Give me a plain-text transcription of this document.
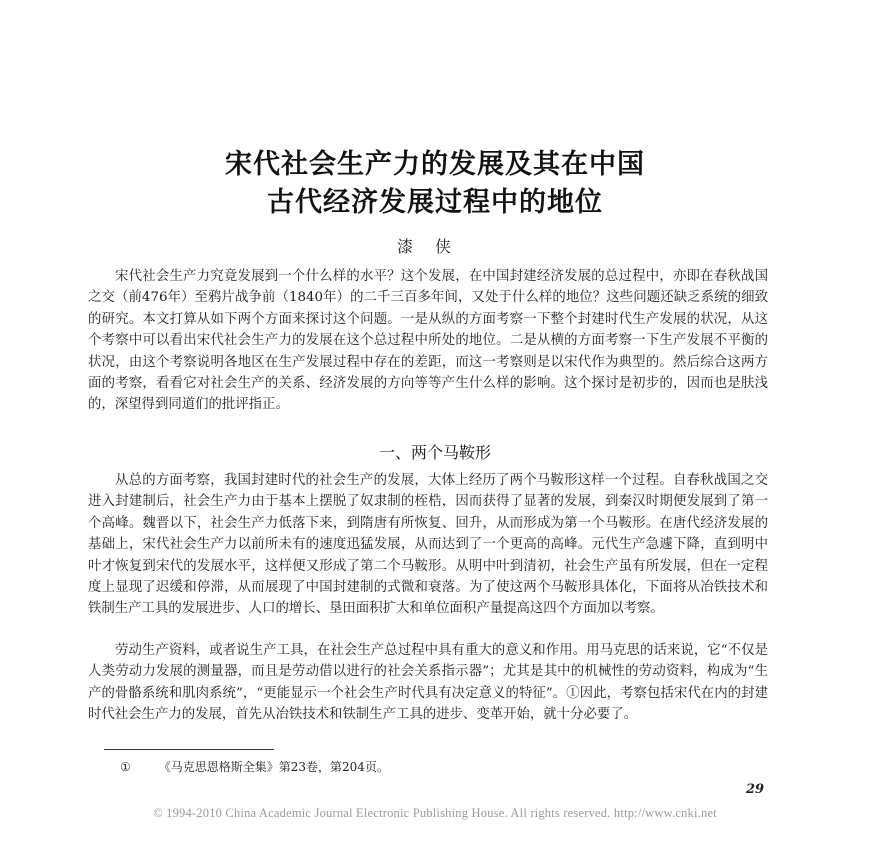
宋代社会生产力的发展及其在中国
古代经济发展过程中的地位
漆侠

宋代社会生产力究竟发展到一个什么样的水平？这个发展，在中国封建经济发展的总过程中，亦即在春秋战国之交（前476年）至鸦片战争前（1840年）的二千三百多年间，又处于什么样的地位？这些问题还缺乏系统的细致的研究。本文打算从如下两个方面来探讨这个问题。一是从纵的方面考察一下整个封建时代生产发展的状况，从这个考察中可以看出宋代社会生产力的发展在这个总过程中所处的地位。二是从横的方面考察一下生产发展不平衡的状况，由这个考察说明各地区在生产发展过程中存在的差距，而这一考察则是以宋代作为典型的。然后综合这两方面的考察，看看它对社会生产的关系、经济发展的方向等等产生什么样的影响。这个探讨是初步的，因而也是肤浅的，深望得到同道们的批评指正。

一、两个马鞍形

从总的方面考察，我国封建时代的社会生产的发展，大体上经历了两个马鞍形这样一个过程。自春秋战国之交进入封建制后，社会生产力由于基本上摆脱了奴隶制的桎梏，因而获得了显著的发展，到秦汉时期便发展到了第一个高峰。魏晋以下，社会生产力低落下来，到隋唐有所恢复、回升，从而形成为第一个马鞍形。在唐代经济发展的基础上，宋代社会生产力以前所未有的速度迅猛发展，从而达到了一个更高的高峰。元代生产急遽下降，直到明中叶才恢复到宋代的发展水平，这样便又形成了第二个马鞍形。从明中叶到清初，社会生产虽有所发展，但在一定程度上显现了迟缓和停滞，从而展现了中国封建制的式微和衰落。为了使这两个马鞍形具体化，下面将从冶铁技术和铁制生产工具的发展进步、人口的增长、垦田面积扩大和单位面积产量提高这四个方面加以考察。

劳动生产资料，或者说生产工具，在社会生产总过程中具有重大的意义和作用。用马克思的话来说，它“不仅是人类劳动力发展的测量器，而且是劳动借以进行的社会关系指示器”；尤其是其中的机械性的劳动资料，构成为“生产的骨骼系统和肌肉系统”，“更能显示一个社会生产时代具有决定意义的特征”。①因此，考察包括宋代在内的封建时代社会生产力的发展，首先从冶铁技术和铁制生产工具的进步、变革开始，就十分必要了。

① 《马克思恩格斯全集》第23卷，第204页。
29
© 1994-2010 China Academic Journal Electronic Publishing House. All rights reserved. http://www.cnki.net
